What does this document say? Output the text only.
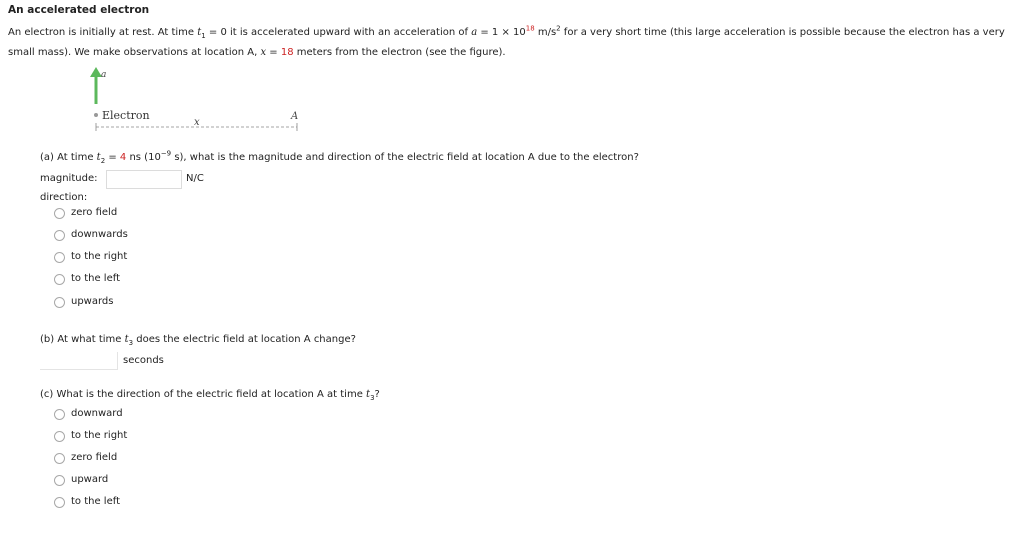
An accelerated electron
An electron is initially at rest. At time $t_1 = 0$ it is accelerated upward with an acceleration of $a = 1 \times 10^{18}$ $m/s^2$ for a very short time (this large acceleration is possible because the electron has a very small mass). We make observations at location A, x = 18 meters from the electron (see the figure).
a
Electron
x
A
(a) At time $t_2 = 4$ ns ($10^{-9}$ s), what is the magnitude and direction of the electric field at location A due to the electron?
magnitude:	N/C
direction:
zero field
downwards
to the right
to the left
upwards
(b) At what time $t_3$ does the electric field at location A change?
seconds
(c) What is the direction of the electric field at location A at time $t_3$?
downward
to the right
zero field
upward
to the left
